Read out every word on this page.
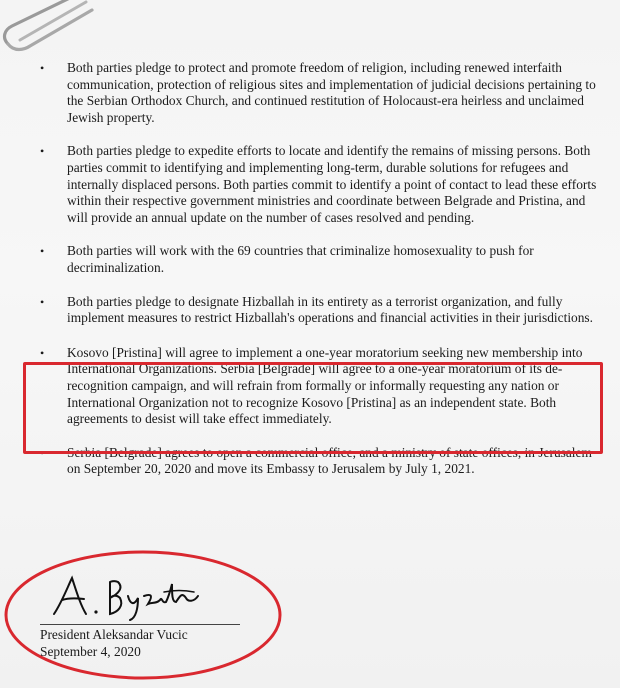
•	Both parties pledge to protect and promote freedom of religion, including renewed interfaith communication, protection of religious sites and implementation of judicial decisions pertaining to the Serbian Orthodox Church, and continued restitution of Holocaust-era heirless and unclaimed Jewish property.
•	Both parties pledge to expedite efforts to locate and identify the remains of missing persons. Both parties commit to identifying and implementing long-term, durable solutions for refugees and internally displaced persons. Both parties commit to identify a point of contact to lead these efforts within their respective government ministries and coordinate between Belgrade and Pristina, and will provide an annual update on the number of cases resolved and pending.
•	Both parties will work with the 69 countries that criminalize homosexuality to push for decriminalization.
•	Both parties pledge to designate Hizballah in its entirety as a terrorist organization, and fully implement measures to restrict Hizballah's operations and financial activities in their jurisdictions.
•	Kosovo [Pristina] will agree to implement a one-year moratorium seeking new membership into International Organizations. Serbia [Belgrade] will agree to a one-year moratorium of its de-recognition campaign, and will refrain from formally or informally requesting any nation or International Organization not to recognize Kosovo [Pristina] as an independent state. Both agreements to desist will take effect immediately.
•	Serbia [Belgrade] agrees to open a commercial office, and a ministry of state offices, in Jerusalem on September 20, 2020 and move its Embassy to Jerusalem by July 1, 2021.
President Aleksandar Vucic
September 4, 2020
